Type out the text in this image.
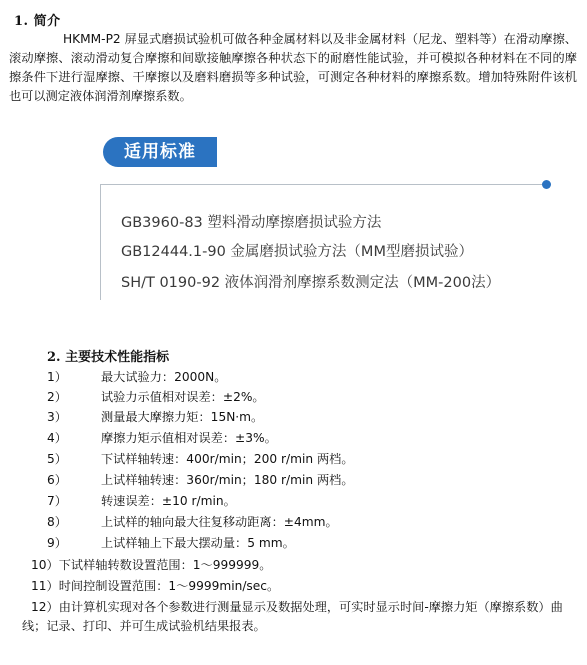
1. 简介

HKMM-P2 屏显式磨损试验机可做各种金属材料以及非金属材料（尼龙、塑料等）在滑动摩擦、滚动摩擦、滚动滑动复合摩擦和间歇接触摩擦各种状态下的耐磨性能试验，并可模拟各种材料在不同的摩擦条件下进行湿摩擦、干摩擦以及磨料磨损等多种试验，可测定各种材料的摩擦系数。增加特殊附件该机也可以测定液体润滑剂摩擦系数。

适用标准
GB3960-83 塑料滑动摩擦磨损试验方法
GB12444.1-90 金属磨损试验方法（MM型磨损试验）
SH/T 0190-92 液体润滑剂摩擦系数测定法（MM-200法）
2. 主要技术性能指标
1）	最大试验力：2000N。
2）	试验力示值相对误差：±2%。
3）	测量最大摩擦力矩：15N·m。
4）	摩擦力矩示值相对误差：±3%。
5）	下试样轴转速：400r/min；200 r/min 两档。
6）	上试样轴转速：360r/min；180 r/min 两档。
7）	转速误差：±10 r/min。
8）	上试样的轴向最大往复移动距离：±4mm。
9）	上试样轴上下最大摆动量：5 mm。
10）下试样轴转数设置范围：1～999999。
11）时间控制设置范围：1～9999min/sec。
12）由计算机实现对各个参数进行测量显示及数据处理，可实时显示时间-摩擦力矩（摩擦系数）曲线；记录、打印、并可生成试验机结果报表。
